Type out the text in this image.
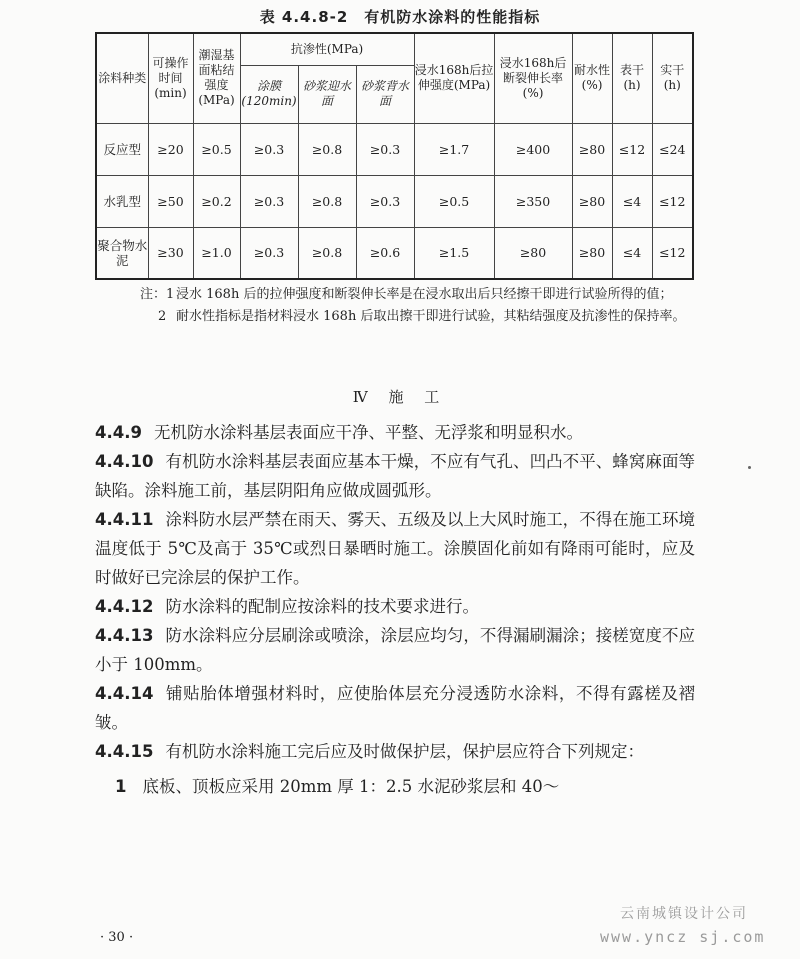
表 4.4.8-2　有机防水涂料的性能指标
涂料种类	可操作时间(min)	潮湿基面粘结强度(MPa)	抗渗性(MPa)			浸水168h后拉伸强度(MPa)	浸水168h后断裂伸长率(%)	耐水性(%)	表干(h)	实干(h)
			涂膜(120min)	砂浆迎水面	砂浆背水面					
反应型	≥20	≥0.5	≥0.3	≥0.8	≥0.3	≥1.7	≥400	≥80	≤12	≤24
水乳型	≥50	≥0.2	≥0.3	≥0.8	≥0.3	≥0.5	≥350	≥80	≤4	≤12
聚合物水泥	≥30	≥1.0	≥0.3	≥0.8	≥0.6	≥1.5	≥80	≥80	≤4	≤12
注：1 浸水 168h 后的拉伸强度和断裂伸长率是在浸水取出后只经擦干即进行试验所得的值；
2 耐水性指标是指材料浸水 168h 后取出擦干即进行试验，其粘结强度及抗渗性的保持率。
Ⅳ 施 工

4.4.9 无机防水涂料基层表面应干净、平整、无浮浆和明显积水。

4.4.10 有机防水涂料基层表面应基本干燥，不应有气孔、凹凸不平、蜂窝麻面等缺陷。涂料施工前，基层阴阳角应做成圆弧形。

4.4.11 涂料防水层严禁在雨天、雾天、五级及以上大风时施工，不得在施工环境温度低于 5℃及高于 35℃或烈日暴晒时施工。涂膜固化前如有降雨可能时，应及时做好已完涂层的保护工作。

4.4.12 防水涂料的配制应按涂料的技术要求进行。

4.4.13 防水涂料应分层刷涂或喷涂，涂层应均匀，不得漏刷漏涂；接槎宽度不应小于 100mm。

4.4.14 铺贴胎体增强材料时，应使胎体层充分浸透防水涂料，不得有露槎及褶皱。

4.4.15 有机防水涂料施工完后应及时做保护层，保护层应符合下列规定：

1 底板、顶板应采用 20mm 厚 1：2.5 水泥砂浆层和 40～

· 30 ·
云南城镇设计公司
www.yncz sj.com
